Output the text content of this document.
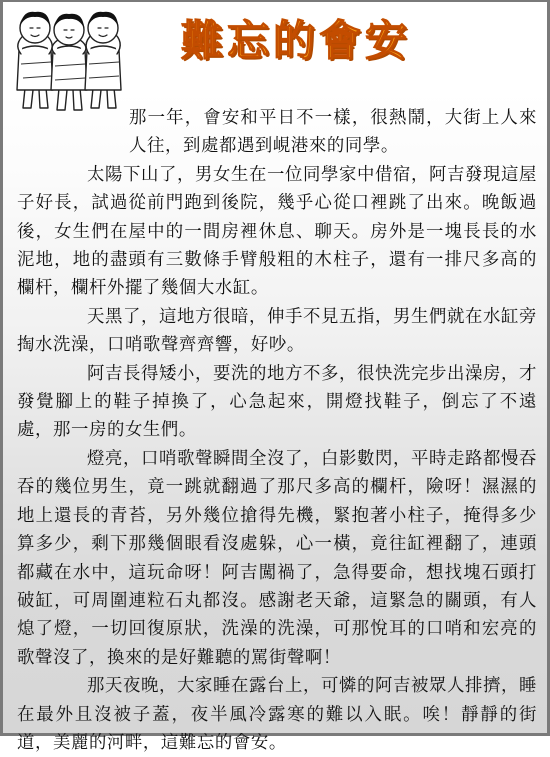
難忘的會安

那一年，會安和平日不一樣，很熱鬧，大街上人來人往，到處都遇到峴港來的同學。

太陽下山了，男女生在一位同學家中借宿，阿吉發現這屋子好長，試過從前門跑到後院，幾乎心從口裡跳了出來。晚飯過後，女生們在屋中的一間房裡休息、聊天。房外是一塊長長的水泥地，地的盡頭有三數條手臂般粗的木柱子，還有一排尺多高的欄杆，欄杆外擺了幾個大水缸。

天黑了，這地方很暗，伸手不見五指，男生們就在水缸旁掏水洗澡，口哨歌聲齊齊響，好吵。

阿吉長得矮小，要洗的地方不多，很快洗完步出澡房，才發覺腳上的鞋子掉換了，心急起來，開燈找鞋子，倒忘了不遠處，那一房的女生們。

燈亮，口哨歌聲瞬間全沒了，白影數閃，平時走路都慢吞吞的幾位男生，竟一跳就翻過了那尺多高的欄杆，險呀！濕濕的地上還長的青苔，另外幾位搶得先機，緊抱著小柱子，掩得多少算多少，剩下那幾個眼看沒處躲，心一橫，竟往缸裡翻了，連頭都藏在水中，這玩命呀！阿吉闖禍了，急得要命，想找塊石頭打破缸，可周圍連粒石丸都沒。感謝老天爺，這緊急的關頭，有人熄了燈，一切回復原狀，洗澡的洗澡，可那悅耳的口哨和宏亮的歌聲沒了，換來的是好難聽的罵街聲啊！

那天夜晚，大家睡在露台上，可憐的阿吉被眾人排擠，睡在最外且沒被子蓋，夜半風冷露寒的難以入眠。唉！靜靜的街道，美麗的河畔，這難忘的會安。
